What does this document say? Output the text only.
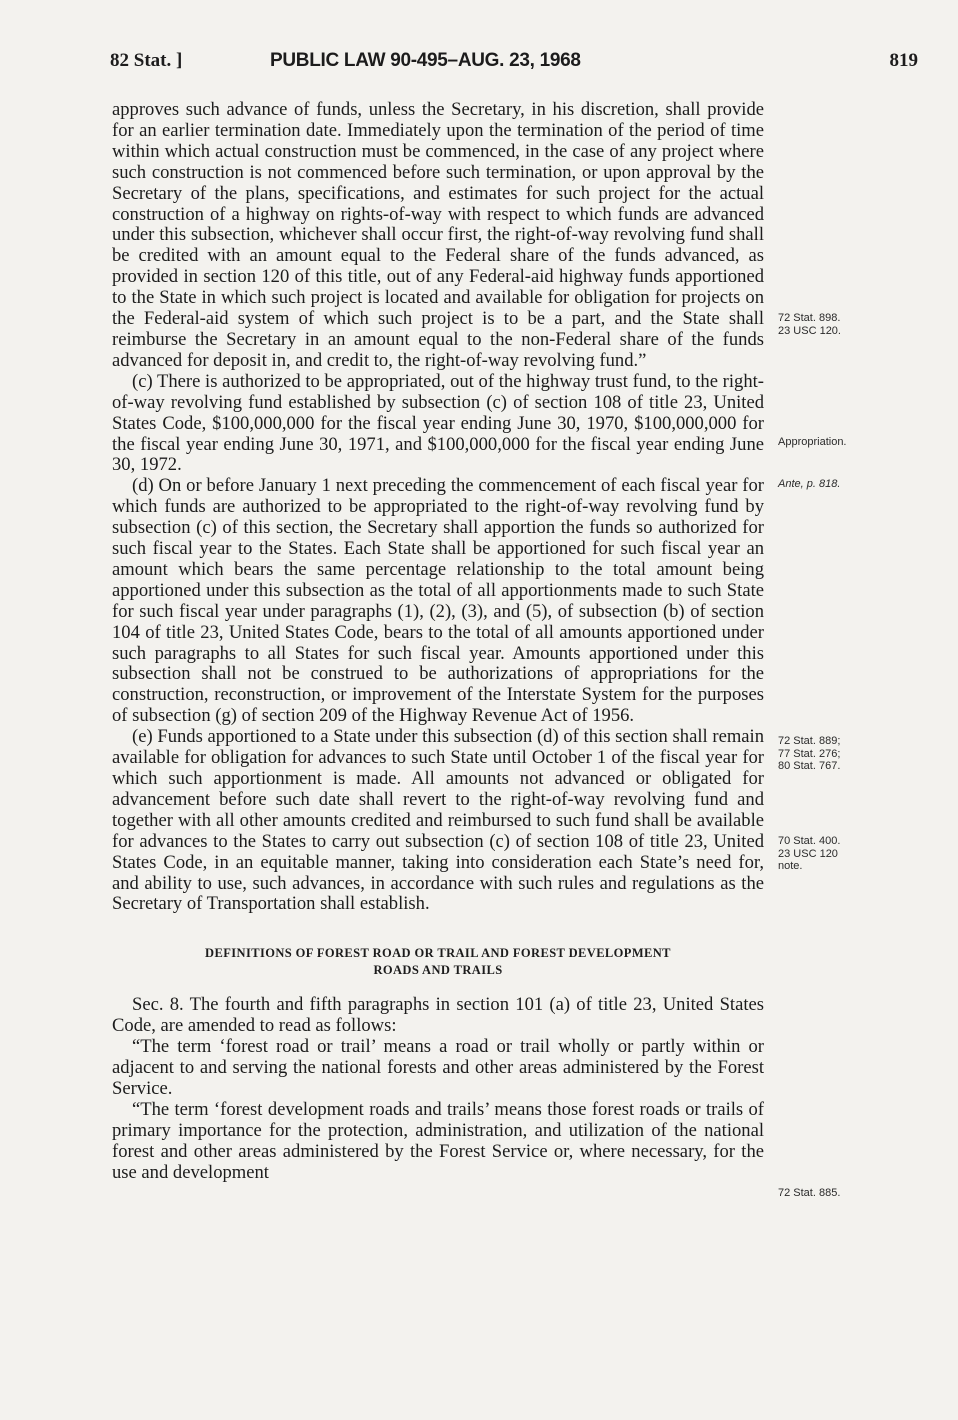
82 Stat. ]	PUBLIC LAW 90-495–AUG. 23, 1968	819

approves such advance of funds, unless the Secretary, in his discretion, shall provide for an earlier termination date. Immediately upon the termination of the period of time within which actual construction must be commenced, in the case of any project where such construction is not commenced before such termination, or upon approval by the Secretary of the plans, specifications, and estimates for such project for the actual construction of a highway on rights-of-way with respect to which funds are advanced under this subsection, whichever shall occur first, the right-of-way revolving fund shall be credited with an amount equal to the Federal share of the funds advanced, as provided in section 120 of this title, out of any Federal-aid highway funds apportioned to the State in which such project is located and available for obligation for projects on the Federal-aid system of which such project is to be a part, and the State shall reimburse the Secretary in an amount equal to the non-Federal share of the funds advanced for deposit in, and credit to, the right-of-way revolving fund.”

(c) There is authorized to be appropriated, out of the highway trust fund, to the right-of-way revolving fund established by subsection (c) of section 108 of title 23, United States Code, $100,000,000 for the fiscal year ending June 30, 1970, $100,000,000 for the fiscal year ending June 30, 1971, and $100,000,000 for the fiscal year ending June 30, 1972.

(d) On or before January 1 next preceding the commencement of each fiscal year for which funds are authorized to be appropriated to the right-of-way revolving fund by subsection (c) of this section, the Secretary shall apportion the funds so authorized for such fiscal year to the States. Each State shall be apportioned for such fiscal year an amount which bears the same percentage relationship to the total amount being apportioned under this subsection as the total of all apportionments made to such State for such fiscal year under paragraphs (1), (2), (3), and (5), of subsection (b) of section 104 of title 23, United States Code, bears to the total of all amounts apportioned under such paragraphs to all States for such fiscal year. Amounts apportioned under this subsection shall not be construed to be authorizations of appropriations for the construction, reconstruction, or improvement of the Interstate System for the purposes of subsection (g) of section 209 of the Highway Revenue Act of 1956.

(e) Funds apportioned to a State under this subsection (d) of this section shall remain available for obligation for advances to such State until October 1 of the fiscal year for which such apportionment is made. All amounts not advanced or obligated for advancement before such date shall revert to the right-of-way revolving fund and together with all other amounts credited and reimbursed to such fund shall be available for advances to the States to carry out subsection (c) of section 108 of title 23, United States Code, in an equitable manner, taking into consideration each State’s need for, and ability to use, such advances, in accordance with such rules and regulations as the Secretary of Transportation shall establish.

DEFINITIONS OF FOREST ROAD OR TRAIL AND FOREST DEVELOPMENT
ROADS AND TRAILS

Sec. 8. The fourth and fifth paragraphs in section 101 (a) of title 23, United States Code, are amended to read as follows:

“The term ‘forest road or trail’ means a road or trail wholly or partly within or adjacent to and serving the national forests and other areas administered by the Forest Service.

“The term ‘forest development roads and trails’ means those forest roads or trails of primary importance for the protection, administration, and utilization of the national forest and other areas administered by the Forest Service or, where necessary, for the use and development

72 Stat. 898.
23 USC 120.
Appropriation.
Ante, p. 818.
72 Stat. 889;
77 Stat. 276;
80 Stat. 767.
70 Stat. 400.
23 USC 120
note.
72 Stat. 885.
